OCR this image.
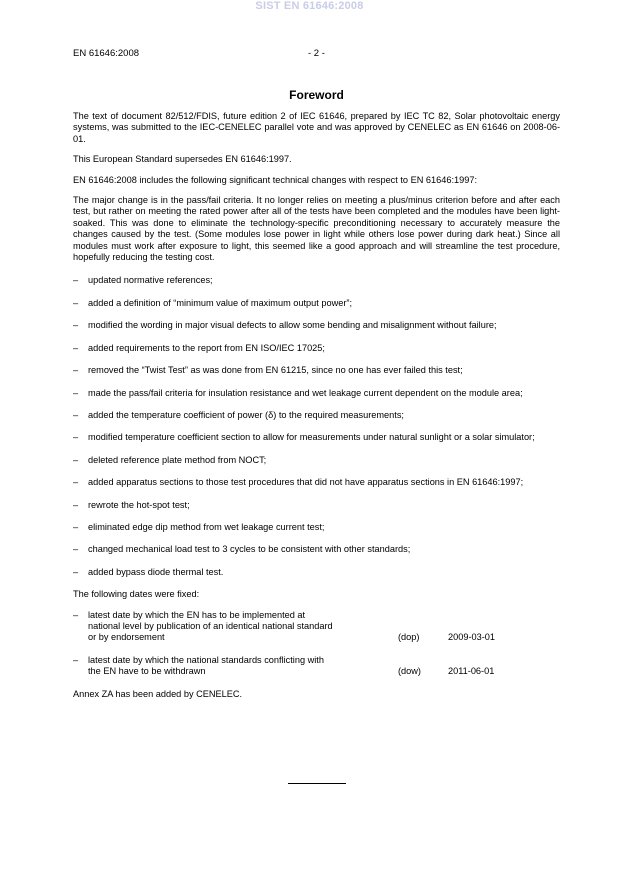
SIST EN 61646:2008
EN 61646:2008	- 2 -
Foreword

The text of document 82/512/FDIS, future edition 2 of IEC 61646, prepared by IEC TC 82, Solar photovoltaic energy systems, was submitted to the IEC-CENELEC parallel vote and was approved by CENELEC as EN 61646 on 2008-06-01.

This European Standard supersedes EN 61646:1997.

EN 61646:2008 includes the following significant technical changes with respect to EN 61646:1997:

The major change is in the pass/fail criteria. It no longer relies on meeting a plus/minus criterion before and after each test, but rather on meeting the rated power after all of the tests have been completed and the modules have been light-soaked. This was done to eliminate the technology-specific preconditioning necessary to accurately measure the changes caused by the test. (Some modules lose power in light while others lose power during dark heat.) Since all modules must work after exposure to light, this seemed like a good approach and will streamline the test procedure, hopefully reducing the testing cost.

– updated normative references;
– added a definition of “minimum value of maximum output power”;
– modified the wording in major visual defects to allow some bending and misalignment without failure;
– added requirements to the report from EN ISO/IEC 17025;
– removed the “Twist Test” as was done from EN 61215, since no one has ever failed this test;
– made the pass/fail criteria for insulation resistance and wet leakage current dependent on the module area;
– added the temperature coefficient of power (δ) to the required measurements;
– modified temperature coefficient section to allow for measurements under natural sunlight or a solar simulator;
– deleted reference plate method from NOCT;
– added apparatus sections to those test procedures that did not have apparatus sections in EN 61646:1997;
– rewrote the hot-spot test;
– eliminated edge dip method from wet leakage current test;
– changed mechanical load test to 3 cycles to be consistent with other standards;
– added bypass diode thermal test.

The following dates were fixed:

– latest date by which the EN has to be implemented at national level by publication of an identical national standard or by endorsement	(dop)	2009-03-01
– latest date by which the national standards conflicting with the EN have to be withdrawn	(dow)	2011-06-01

Annex ZA has been added by CENELEC.
